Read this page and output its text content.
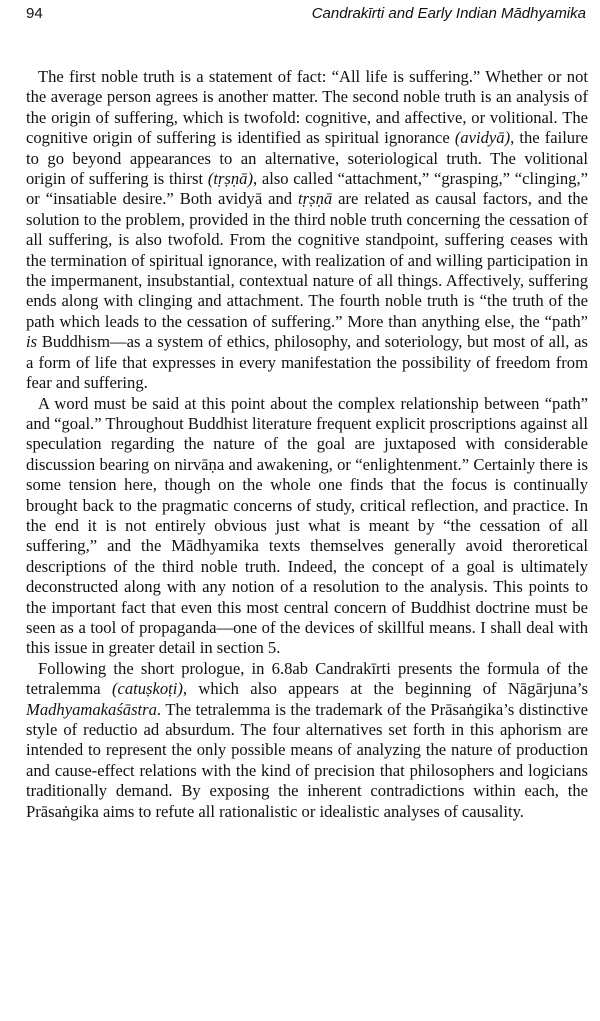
94	Candrakīrti and Early Indian Mādhyamika

The first noble truth is a statement of fact: “All life is suffering.” Whether or not the average person agrees is another matter. The second noble truth is an analysis of the origin of suffering, which is twofold: cognitive, and affective, or volitional. The cognitive origin of suffering is identified as spiritual ignorance (avidyā), the failure to go beyond appearances to an alternative, soteriological truth. The volitional origin of suffering is thirst (tṛṣṇā), also called “attachment,” “grasping,” “clinging,” or “insatiable desire.” Both avidyā and tṛṣṇā are related as causal factors, and the solution to the problem, provided in the third noble truth concerning the cessation of all suffering, is also twofold. From the cognitive standpoint, suffering ceases with the termination of spiritual ignorance, with realization of and willing participation in the impermanent, insubstantial, contextual nature of all things. Affectively, suffering ends along with clinging and attachment. The fourth noble truth is “the truth of the path which leads to the cessation of suffering.” More than anything else, the “path” is Buddhism—as a system of ethics, philosophy, and soteriology, but most of all, as a form of life that expresses in every manifestation the possibility of freedom from fear and suffering.

A word must be said at this point about the complex relationship between “path” and “goal.” Throughout Buddhist literature frequent explicit proscriptions against all speculation regarding the nature of the goal are juxtaposed with considerable discussion bearing on nirvāṇa and awakening, or “enlightenment.” Certainly there is some tension here, though on the whole one finds that the focus is continually brought back to the pragmatic concerns of study, critical reflection, and practice. In the end it is not entirely obvious just what is meant by “the cessation of all suffering,” and the Mādhyamika texts themselves generally avoid theroretical descriptions of the third noble truth. Indeed, the concept of a goal is ultimately deconstructed along with any notion of a resolution to the analysis. This points to the important fact that even this most central concern of Buddhist doctrine must be seen as a tool of propaganda—one of the devices of skillful means. I shall deal with this issue in greater detail in section 5.

Following the short prologue, in 6.8ab Candrakīrti presents the formula of the tetralemma (catuṣkoṭi), which also appears at the beginning of Nāgārjuna’s Madhyamakaśāstra. The tetralemma is the trademark of the Prāsaṅgika’s distinctive style of reductio ad absurdum. The four alternatives set forth in this aphorism are intended to represent the only possible means of analyzing the nature of production and cause-effect relations with the kind of precision that philosophers and logicians traditionally demand. By exposing the inherent contradictions within each, the Prāsaṅgika aims to refute all rationalistic or idealistic analyses of causality.
